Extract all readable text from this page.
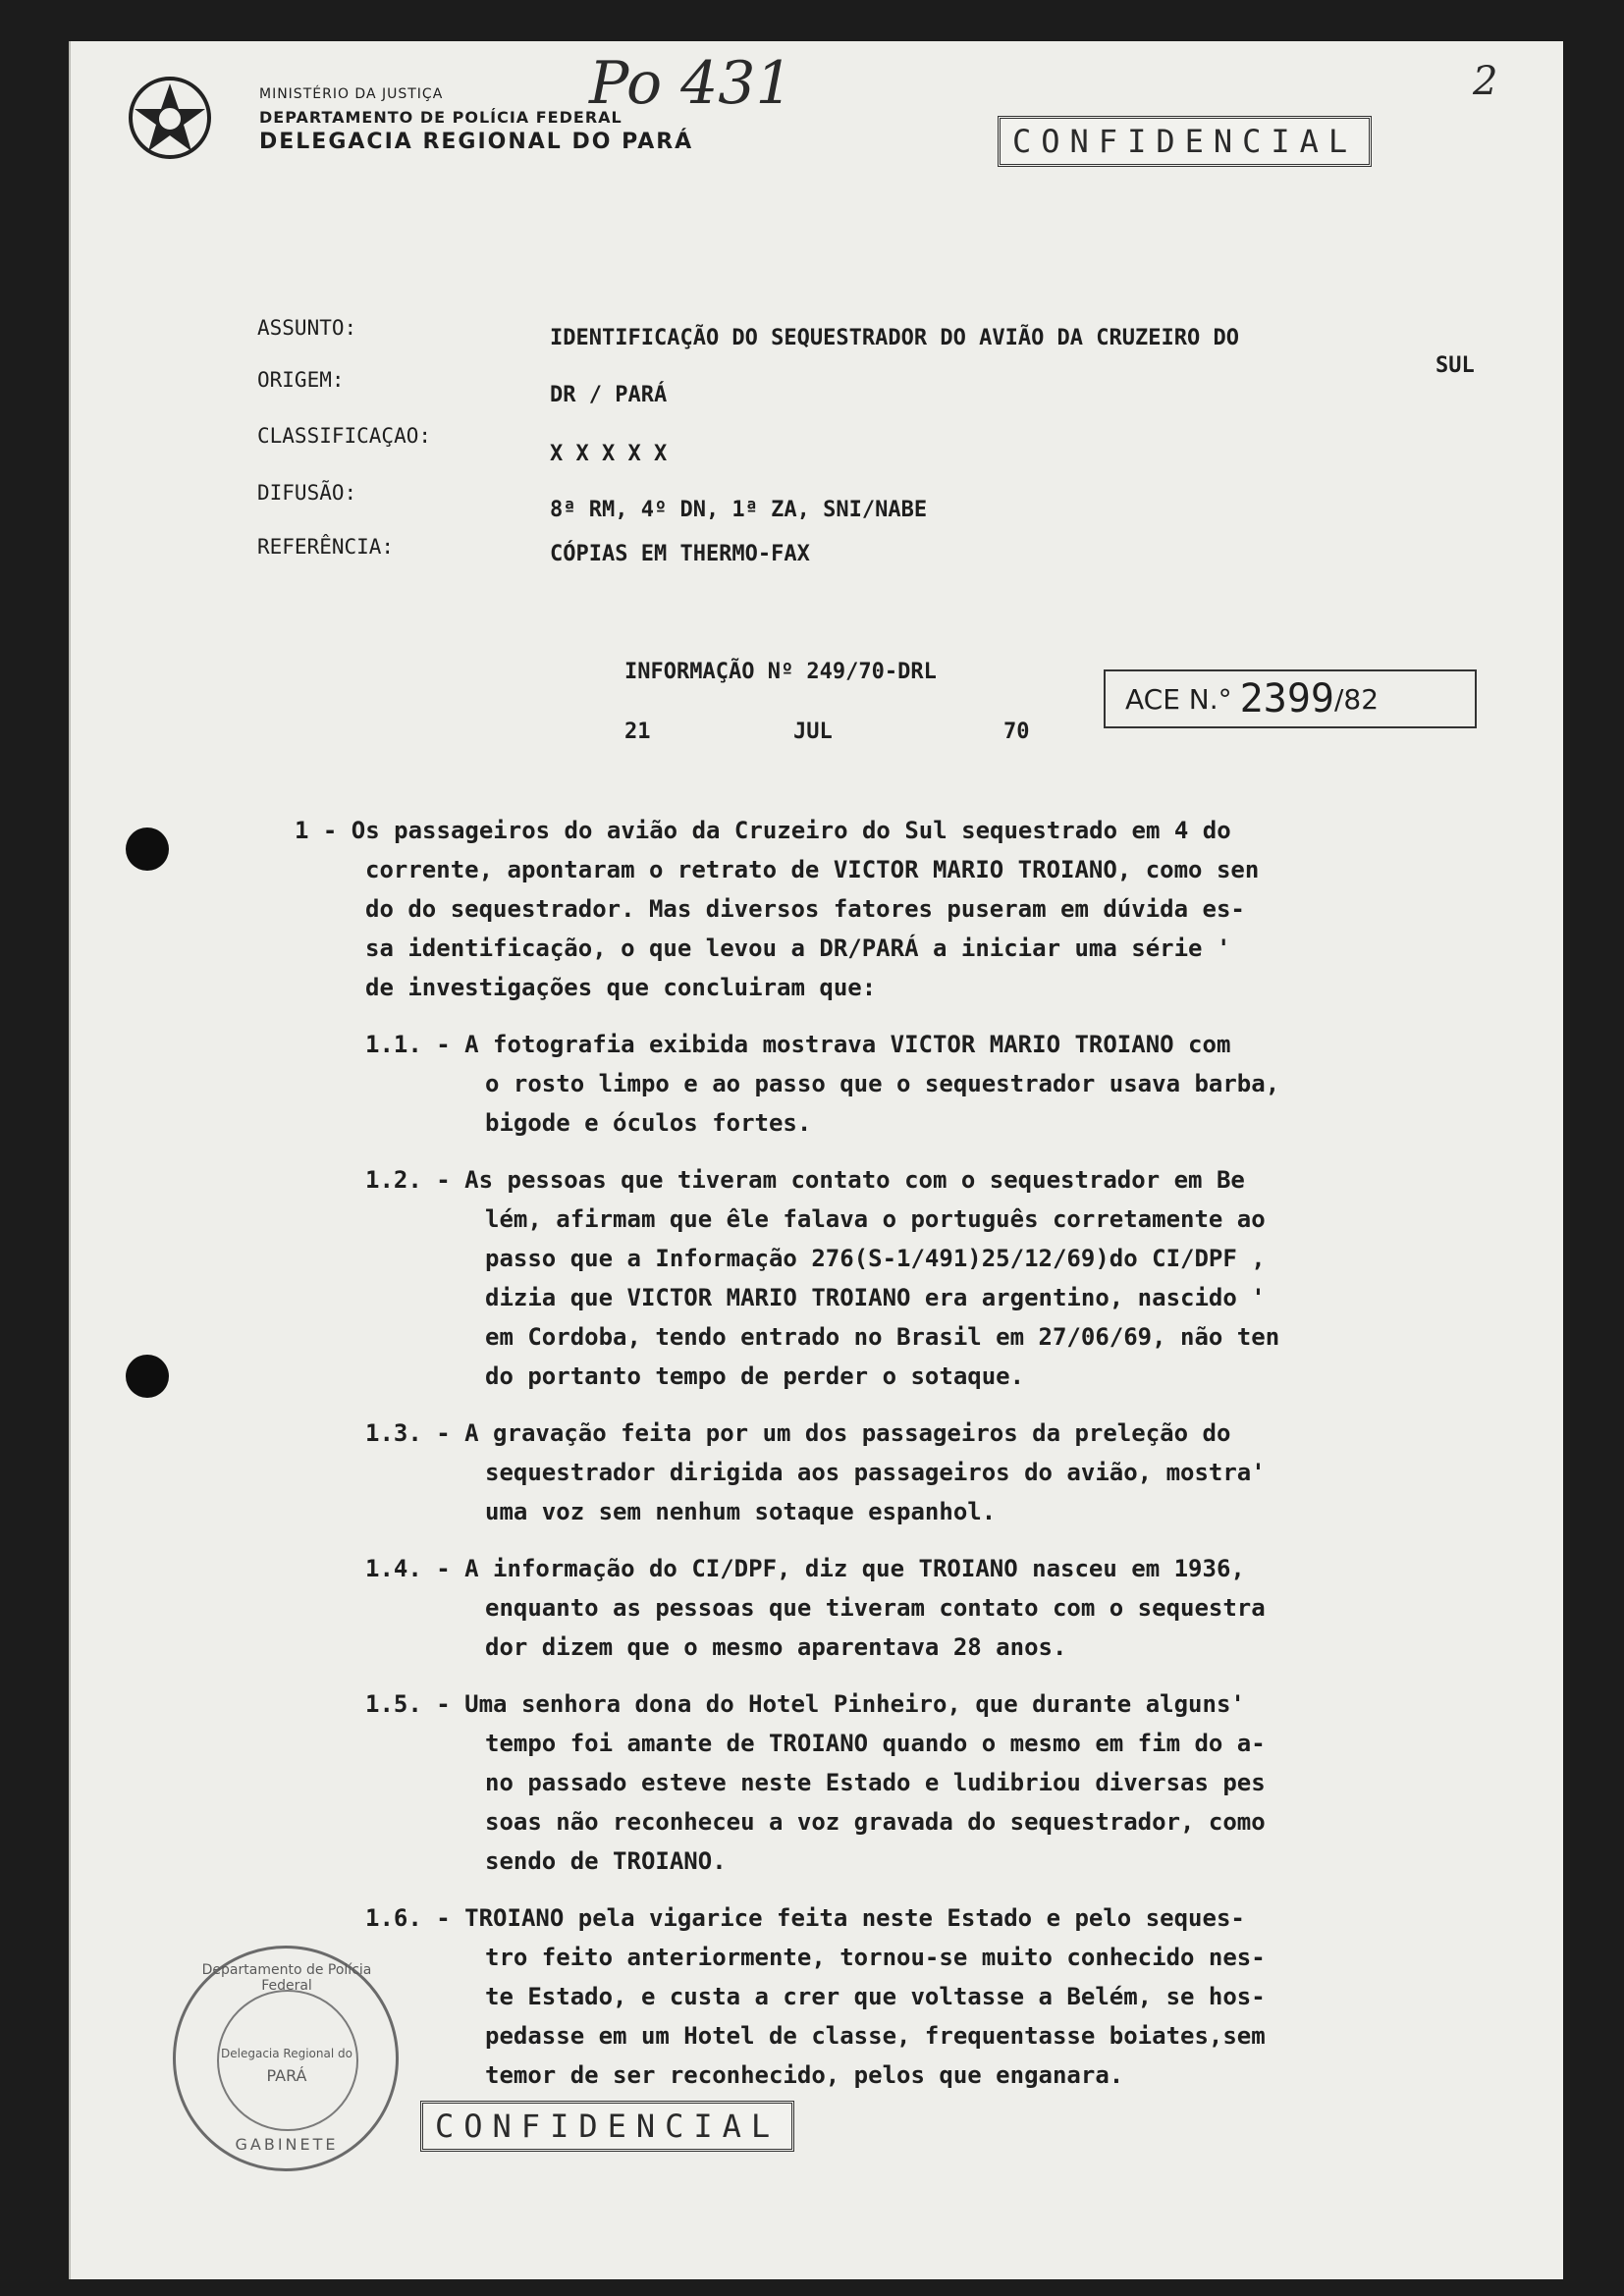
MINISTÉRIO DA JUSTIÇA
DEPARTAMENTO DE POLÍCIA FEDERAL
DELEGACIA REGIONAL DO PARÁ
Po 431	2
CONFIDENCIAL
ASSUNTO:	IDENTIFICAÇÃO DO SEQUESTRADOR DO AVIÃO DA CRUZEIRO DO
SUL
ORIGEM:
DR / PARÁ
CLASSIFICAÇAO:
X X X X X
DIFUSÃO:
8ª RM, 4º DN, 1ª ZA, SNI/NABE
REFERÊNCIA:	CÓPIAS EM THERMO-FAX
INFORMAÇÃO Nº 249/70-DRL
21	JUL	70
ACE N.° 2399 /82
1 - Os passageiros do avião da Cruzeiro do Sul sequestrado em 4 do
corrente, apontaram o retrato de VICTOR MARIO TROIANO, como sen
do do sequestrador. Mas diversos fatores puseram em dúvida es-
sa identificação, o que levou a DR/PARÁ a iniciar uma série '
de investigações que concluiram que:
1.1. - A fotografia exibida mostrava VICTOR MARIO TROIANO com
o rosto limpo e ao passo que o sequestrador usava barba,
bigode e óculos fortes.
1.2. - As pessoas que tiveram contato com o sequestrador em Be
lém, afirmam que êle falava o português corretamente ao
passo que a Informação 276(S-1/491)25/12/69)do CI/DPF ,
dizia que VICTOR MARIO TROIANO era argentino, nascido '
em Cordoba, tendo entrado no Brasil em 27/06/69, não ten
do portanto tempo de perder o sotaque.
1.3. - A gravação feita por um dos passageiros da preleção do
sequestrador dirigida aos passageiros do avião, mostra'
uma voz sem nenhum sotaque espanhol.
1.4. - A informação do CI/DPF, diz que TROIANO nasceu em 1936,
enquanto as pessoas que tiveram contato com o sequestra
dor dizem que o mesmo aparentava 28 anos.
1.5. - Uma senhora dona do Hotel Pinheiro, que durante alguns'
tempo foi amante de TROIANO quando o mesmo em fim do a-
no passado esteve neste Estado e ludibriou diversas pes
soas não reconheceu a voz gravada do sequestrador, como
sendo de TROIANO.
1.6. - TROIANO pela vigarice feita neste Estado e pelo seques-
tro feito anteriormente, tornou-se muito conhecido nes-
te Estado, e custa a crer que voltasse a Belém, se hos-
pedasse em um Hotel de classe, frequentasse boiates,sem
temor de ser reconhecido, pelos que enganara.
Departamento de Polícia Federal
Delegacia Regional do
PARÁ
GABINETE	CONFIDENCIAL
